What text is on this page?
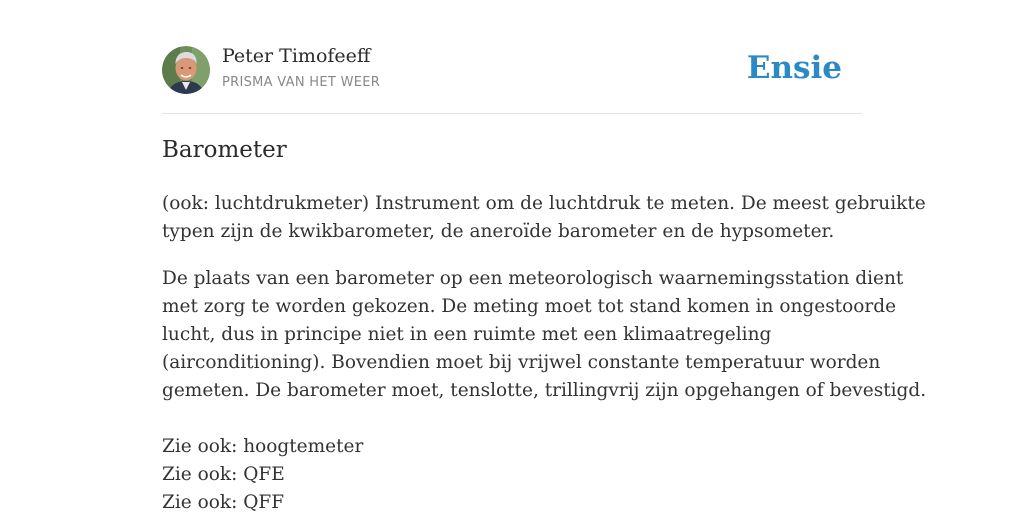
Peter Timofeeff
PRISMA VAN HET WEER	Ensie
Barometer

(ook: luchtdrukmeter) Instrument om de luchtdruk te meten. De meest gebruikte
typen zijn de kwikbarometer, de aneroïde barometer en de hypsometer.

De plaats van een barometer op een meteorologisch waarnemingsstation dient
met zorg te worden gekozen. De meting moet tot stand komen in ongestoorde
lucht, dus in principe niet in een ruimte met een klimaatregeling
(airconditioning). Bovendien moet bij vrijwel constante temperatuur worden
gemeten. De barometer moet, tenslotte, trillingvrij zijn opgehangen of bevestigd.
Zie ook: hoogtemeter
Zie ook: QFE
Zie ook: QFF
